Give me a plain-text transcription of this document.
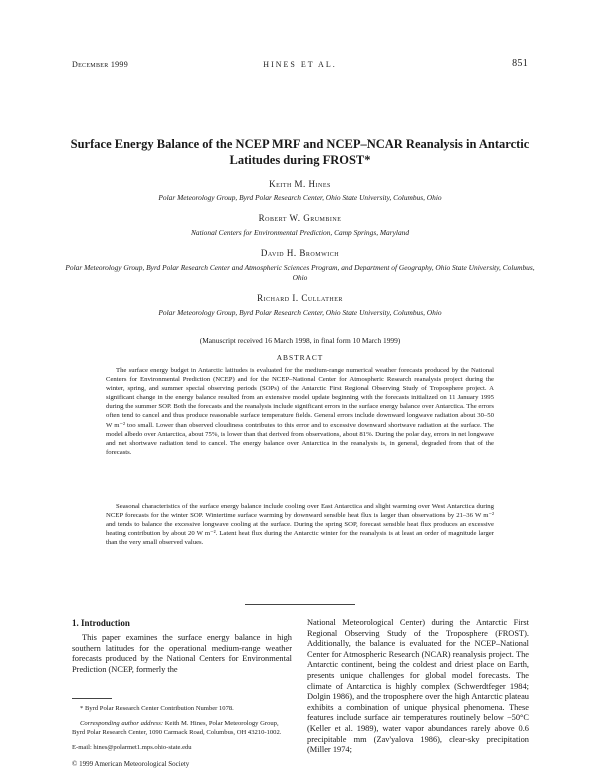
December 1999	HINES ET AL.	851
Surface Energy Balance of the NCEP MRF and NCEP–NCAR Reanalysis in Antarctic Latitudes during FROST*
Keith M. Hines
Polar Meteorology Group, Byrd Polar Research Center, Ohio State University, Columbus, Ohio
Robert W. Grumbine
National Centers for Environmental Prediction, Camp Springs, Maryland
David H. Bromwich
Polar Meteorology Group, Byrd Polar Research Center and Atmospheric Sciences Program, and Department of Geography, Ohio State University, Columbus, Ohio
Richard I. Cullather
Polar Meteorology Group, Byrd Polar Research Center, Ohio State University, Columbus, Ohio
(Manuscript received 16 March 1998, in final form 10 March 1999)
ABSTRACT

The surface energy budget in Antarctic latitudes is evaluated for the medium-range numerical weather forecasts produced by the National Centers for Environmental Prediction (NCEP) and for the NCEP–National Center for Atmospheric Research reanalysis project during the winter, spring, and summer special observing periods (SOPs) of the Antarctic First Regional Observing Study of Troposphere project. A significant change in the energy balance resulted from an extensive model update beginning with the forecasts initialized on 11 January 1995 during the summer SOP. Both the forecasts and the reanalysis include significant errors in the surface energy balance over Antarctica. The errors often tend to cancel and thus produce reasonable surface temperature fields. General errors include downward longwave radiation about 30–50 W m⁻² too small. Lower than observed cloudiness contributes to this error and to excessive downward shortwave radiation at the surface. The model albedo over Antarctica, about 75%, is lower than that derived from observations, about 81%. During the polar day, errors in net longwave and net shortwave radiation tend to cancel. The energy balance over Antarctica in the reanalysis is, in general, degraded from that of the forecasts.

Seasonal characteristics of the surface energy balance include cooling over East Antarctica and slight warming over West Antarctica during NCEP forecasts for the winter SOP. Wintertime surface warming by downward sensible heat flux is larger than observations by 21–36 W m⁻² and tends to balance the excessive longwave cooling at the surface. During the spring SOP, forecast sensible heat flux produces an excessive heating contribution by about 20 W m⁻². Latent heat flux during the Antarctic winter for the reanalysis is at least an order of magnitude larger than the very small observed values.

1. Introduction

This paper examines the surface energy balance in high southern latitudes for the operational medium-range weather forecasts produced by the National Centers for Environmental Prediction (NCEP, formerly the

National Meteorological Center) during the Antarctic First Regional Observing Study of the Troposphere (FROST). Additionally, the balance is evaluated for the NCEP–National Center for Atmospheric Research (NCAR) reanalysis project. The Antarctic continent, being the coldest and driest place on Earth, presents unique challenges for global model forecasts. The climate of Antarctica is highly complex (Schwerdtfeger 1984; Dolgin 1986), and the troposphere over the high Antarctic plateau exhibits a combination of unique physical phenomena. These features include surface air temperatures routinely below −50°C (Keller et al. 1989), water vapor abundances rarely above 0.6 precipitable mm (Zav'yalova 1986), clear-sky precipitation (Miller 1974;

* Byrd Polar Research Center Contribution Number 1078.

Corresponding author address: Keith M. Hines, Polar Meteorology Group, Byrd Polar Research Center, 1090 Carmack Road, Columbus, OH 43210-1002.

E-mail: hines@polarmet1.mps.ohio-state.edu

© 1999 American Meteorological Society
